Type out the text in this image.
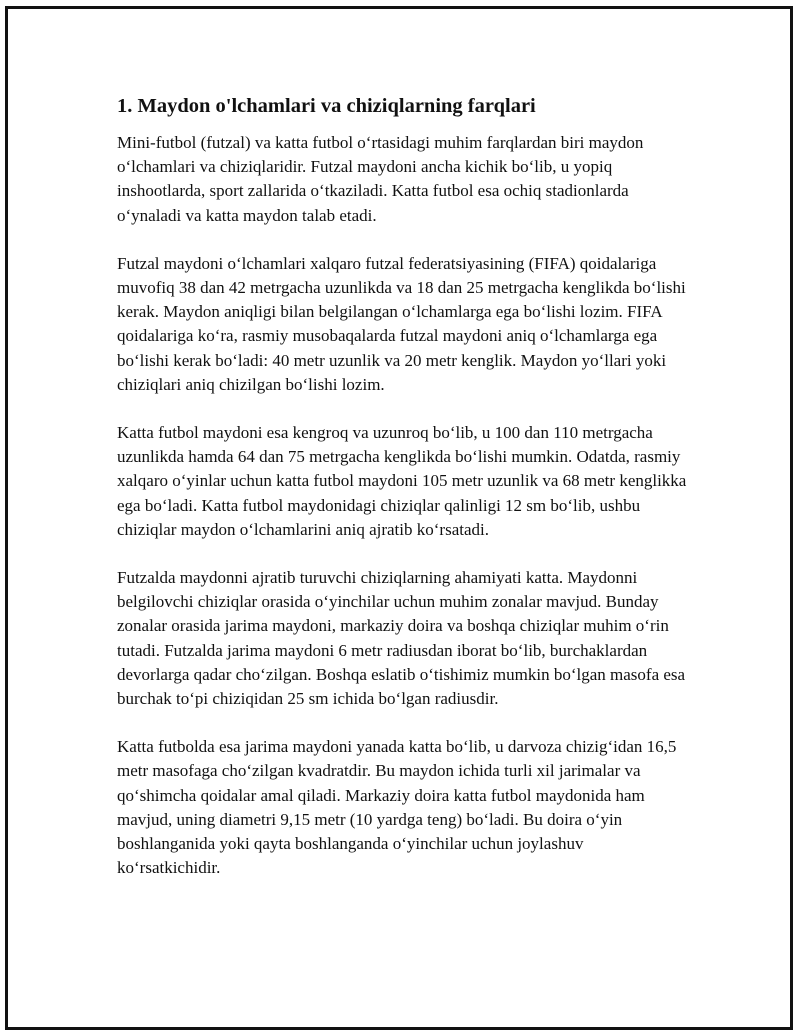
1. Maydon o'lchamlari va chiziqlarning farqlari

Mini-futbol (futzal) va katta futbol o‘rtasidagi muhim farqlardan biri maydon o‘lchamlari va chiziqlaridir. Futzal maydoni ancha kichik bo‘lib, u yopiq inshootlarda, sport zallarida o‘tkaziladi. Katta futbol esa ochiq stadionlarda o‘ynaladi va katta maydon talab etadi.

Futzal maydoni o‘lchamlari xalqaro futzal federatsiyasining (FIFA) qoidalariga muvofiq 38 dan 42 metrgacha uzunlikda va 18 dan 25 metrgacha kenglikda bo‘lishi kerak. Maydon aniqligi bilan belgilangan o‘lchamlarga ega bo‘lishi lozim. FIFA qoidalariga ko‘ra, rasmiy musobaqalarda futzal maydoni aniq o‘lchamlarga ega bo‘lishi kerak bo‘ladi: 40 metr uzunlik va 20 metr kenglik. Maydon yo‘llari yoki chiziqlari aniq chizilgan bo‘lishi lozim.

Katta futbol maydoni esa kengroq va uzunroq bo‘lib, u 100 dan 110 metrgacha uzunlikda hamda 64 dan 75 metrgacha kenglikda bo‘lishi mumkin. Odatda, rasmiy xalqaro o‘yinlar uchun katta futbol maydoni 105 metr uzunlik va 68 metr kenglikka ega bo‘ladi. Katta futbol maydonidagi chiziqlar qalinligi 12 sm bo‘lib, ushbu chiziqlar maydon o‘lchamlarini aniq ajratib ko‘rsatadi.

Futzalda maydonni ajratib turuvchi chiziqlarning ahamiyati katta. Maydonni belgilovchi chiziqlar orasida o‘yinchilar uchun muhim zonalar mavjud. Bunday zonalar orasida jarima maydoni, markaziy doira va boshqa chiziqlar muhim o‘rin tutadi. Futzalda jarima maydoni 6 metr radiusdan iborat bo‘lib, burchaklardan devorlarga qadar cho‘zilgan. Boshqa eslatib o‘tishimiz mumkin bo‘lgan masofa esa burchak to‘pi chiziqidan 25 sm ichida bo‘lgan radiusdir.

Katta futbolda esa jarima maydoni yanada katta bo‘lib, u darvoza chizig‘idan 16,5 metr masofaga cho‘zilgan kvadratdir. Bu maydon ichida turli xil jarimalar va qo‘shimcha qoidalar amal qiladi. Markaziy doira katta futbol maydonida ham mavjud, uning diametri 9,15 metr (10 yardga teng) bo‘ladi. Bu doira o‘yin boshlanganida yoki qayta boshlanganda o‘yinchilar uchun joylashuv ko‘rsatkichidir.
